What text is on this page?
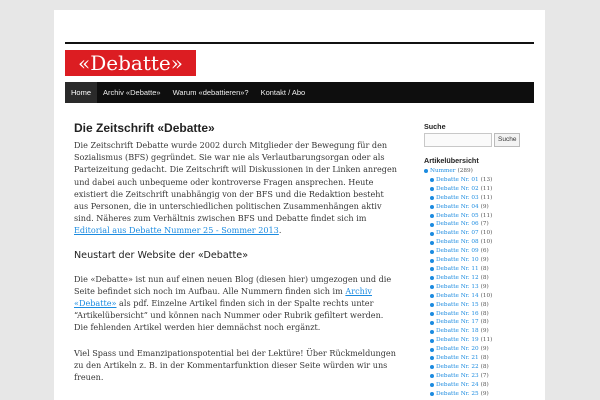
«Debatte»
Home	Archiv «Debatte»	Warum «debattieren»?	Kontakt / Abo
Die Zeitschrift «Debatte»

Die Zeitschrift Debatte wurde 2002 durch Mitglieder der Bewegung für den Sozialismus (BFS) gegründet. Sie war nie als Verlautbarungsorgan oder als Parteizeitung gedacht. Die Zeitschrift will Diskussionen in der Linken anregen und dabei auch unbequeme oder kontroverse Fragen ansprechen. Heute existiert die Zeitschrift unabhängig von der BFS und die Redaktion besteht aus Personen, die in unterschiedlichen politischen Zusammenhängen aktiv sind. Näheres zum Verhältnis zwischen BFS und Debatte findet sich im Editorial aus Debatte Nummer 25 - Sommer 2013.

Neustart der Website der «Debatte»

Die «Debatte» ist nun auf einen neuen Blog (diesen hier) umgezogen und die Seite befindet sich noch im Aufbau. Alle Nummern finden sich im Archiv «Debatte» als pdf. Einzelne Artikel finden sich in der Spalte rechts unter “Artikelübersicht” und können nach Nummer oder Rubrik gefiltert werden. Die fehlenden Artikel werden hier demnächst noch ergänzt.

Viel Spass und Emanzipationspotential bei der Lektüre! Über Rückmeldungen zu den Artikeln z. B. in der Kommentarfunktion dieser Seite würden wir uns freuen.

Suche
Suche
Artikelübersicht
Nummer (289)
Debatte Nr. 01 (13)
Debatte Nr. 02 (11)
Debatte Nr. 03 (11)
Debatte Nr. 04 (9)
Debatte Nr. 05 (11)
Debatte Nr. 06 (7)
Debatte Nr. 07 (10)
Debatte Nr. 08 (10)
Debatte Nr. 09 (6)
Debatte Nr. 10 (9)
Debatte Nr. 11 (8)
Debatte Nr. 12 (8)
Debatte Nr. 13 (9)
Debatte Nr. 14 (10)
Debatte Nr. 15 (8)
Debatte Nr. 16 (8)
Debatte Nr. 17 (8)
Debatte Nr. 18 (9)
Debatte Nr. 19 (11)
Debatte Nr. 20 (9)
Debatte Nr. 21 (8)
Debatte Nr. 22 (8)
Debatte Nr. 23 (7)
Debatte Nr. 24 (8)
Debatte Nr. 25 (9)
